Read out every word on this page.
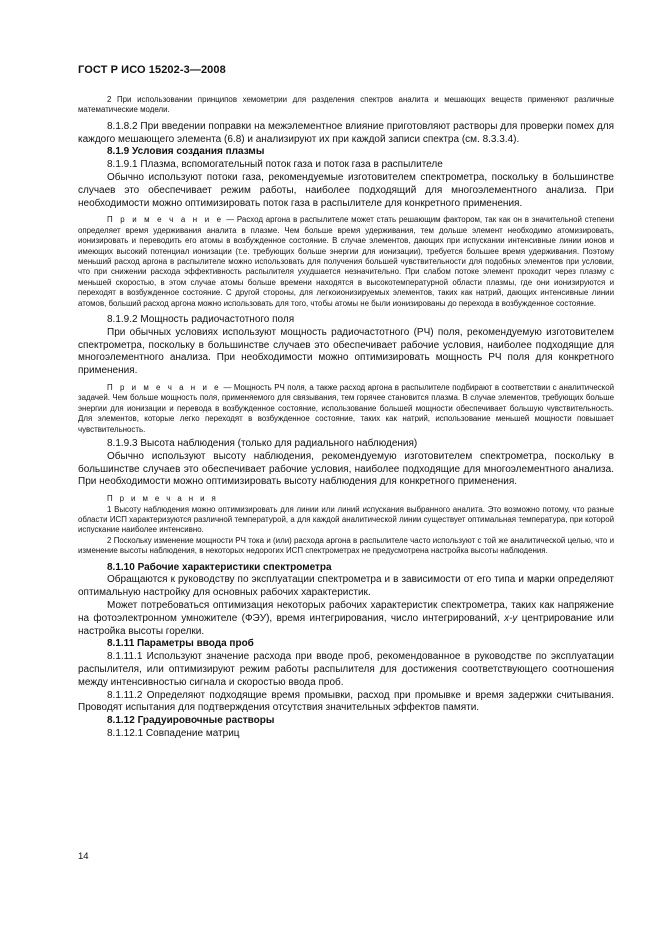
ГОСТ Р ИСО 15202-3—2008

2 При использовании принципов хемометрии для разделения спектров аналита и мешающих веществ применяют различные математические модели.

8.1.8.2 При введении поправки на межэлементное влияние приготовляют растворы для проверки помех для каждого мешающего элемента (6.8) и анализируют их при каждой записи спектра (см. 8.3.3.4).

8.1.9 Условия создания плазмы

8.1.9.1 Плазма, вспомогательный поток газа и поток газа в распылителе

Обычно используют потоки газа, рекомендуемые изготовителем спектрометра, поскольку в большинстве случаев это обеспечивает режим работы, наиболее подходящий для многоэлементного анализа. При необходимости можно оптимизировать поток газа в распылителе для конкретного применения.

П р и м е ч а н и е — Расход аргона в распылителе может стать решающим фактором, так как он в значительной степени определяет время удерживания аналита в плазме. Чем больше время удерживания, тем дольше элемент необходимо атомизировать, ионизировать и переводить его атомы в возбужденное состояние. В случае элементов, дающих при испускании интенсивные линии ионов и имеющих высокий потенциал ионизации (т.е. требующих больше энергии для ионизации), требуется большее время удерживания. Поэтому меньший расход аргона в распылителе можно использовать для получения большей чувствительности для подобных элементов при условии, что при снижении расхода эффективность распылителя ухудшается незначительно. При слабом потоке элемент проходит через плазму с меньшей скоростью, в этом случае атомы больше времени находятся в высокотемпературной области плазмы, где они ионизируются и переходят в возбужденное состояние. С другой стороны, для легкоионизируемых элементов, таких как натрий, дающих интенсивные линии атомов, больший расход аргона можно использовать для того, чтобы атомы не были ионизированы до перехода в возбужденное состояние.

8.1.9.2 Мощность радиочастотного поля

При обычных условиях используют мощность радиочастотного (РЧ) поля, рекомендуемую изготовителем спектрометра, поскольку в большинстве случаев это обеспечивает рабочие условия, наиболее подходящие для многоэлементного анализа. При необходимости можно оптимизировать мощность РЧ поля для конкретного применения.

П р и м е ч а н и е — Мощность РЧ поля, а также расход аргона в распылителе подбирают в соответствии с аналитической задачей. Чем больше мощность поля, применяемого для связывания, тем горячее становится плазма. В случае элементов, требующих больше энергии для ионизации и перевода в возбужденное состояние, использование большей мощности обеспечивает большую чувствительность. Для элементов, которые легко переходят в возбужденное состояние, таких как натрий, использование меньшей мощности повышает чувствительность.

8.1.9.3 Высота наблюдения (только для радиального наблюдения)

Обычно используют высоту наблюдения, рекомендуемую изготовителем спектрометра, поскольку в большинстве случаев это обеспечивает рабочие условия, наиболее подходящие для многоэлементного анализа. При необходимости можно оптимизировать высоту наблюдения для конкретного применения.

П р и м е ч а н и я

1 Высоту наблюдения можно оптимизировать для линии или линий испускания выбранного аналита. Это возможно потому, что разные области ИСП характеризуются различной температурой, а для каждой аналитической линии существует оптимальная температура, при которой испускание наиболее интенсивно.

2 Поскольку изменение мощности РЧ тока и (или) расхода аргона в распылителе часто используют с той же аналитической целью, что и изменение высоты наблюдения, в некоторых недорогих ИСП спектрометрах не предусмотрена настройка высоты наблюдения.

8.1.10 Рабочие характеристики спектрометра

Обращаются к руководству по эксплуатации спектрометра и в зависимости от его типа и марки определяют оптимальную настройку для основных рабочих характеристик.

Может потребоваться оптимизация некоторых рабочих характеристик спектрометра, таких как напряжение на фотоэлектронном умножителе (ФЭУ), время интегрирования, число интегрирований, х-у центрирование или настройка высоты горелки.

8.1.11 Параметры ввода проб

8.1.11.1 Используют значение расхода при вводе проб, рекомендованное в руководстве по эксплуатации распылителя, или оптимизируют режим работы распылителя для достижения соответствующего соотношения между интенсивностью сигнала и скоростью ввода проб.

8.1.11.2 Определяют подходящие время промывки, расход при промывке и время задержки считывания. Проводят испытания для подтверждения отсутствия значительных эффектов памяти.

8.1.12 Градуировочные растворы

8.1.12.1 Совпадение матриц

14
